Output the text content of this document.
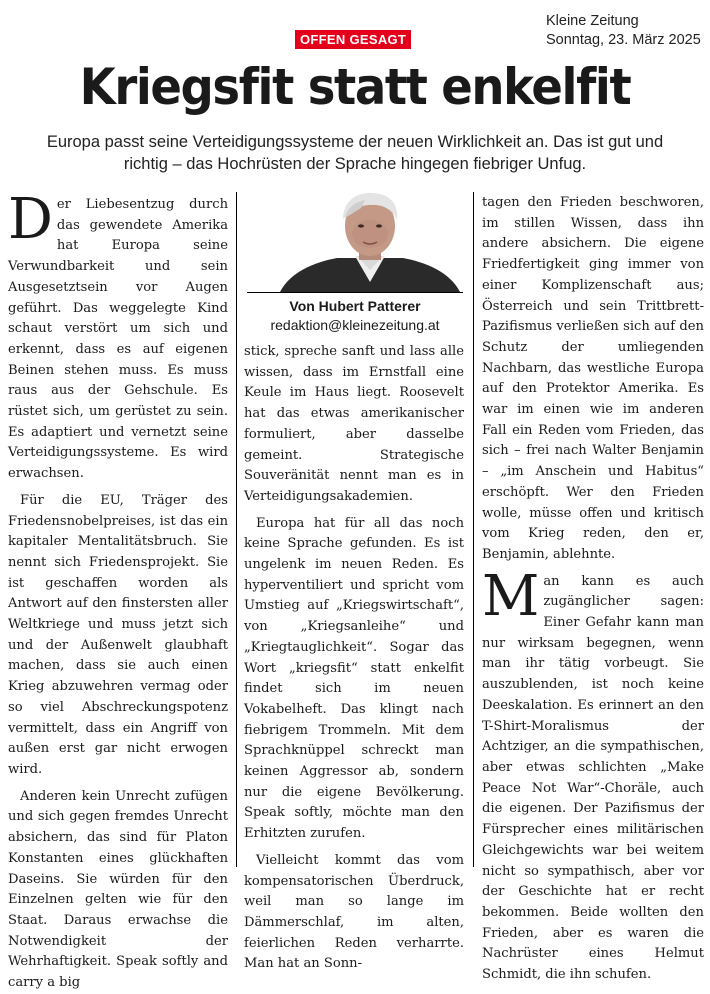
Kleine Zeitung
Sonntag, 23. März 2025
OFFEN GESAGT
Kriegsfit statt enkelfit
Europa passt seine Verteidigungssysteme der neuen Wirklichkeit an. Das ist gut und richtig – das Hochrüsten der Sprache hingegen fiebriger Unfug.

Der Liebesentzug durch das gewendete Amerika hat Europa seine Verwundbarkeit und sein Ausgesetztsein vor Augen geführt. Das weggelegte Kind schaut verstört um sich und erkennt, dass es auf eigenen Beinen stehen muss. Es muss raus aus der Gehschule. Es rüstet sich, um gerüstet zu sein. Es adaptiert und vernetzt seine Verteidigungssysteme. Es wird erwachsen.

Für die EU, Träger des Friedensnobelpreises, ist das ein kapitaler Mentalitätsbruch. Sie nennt sich Friedensprojekt. Sie ist geschaffen worden als Antwort auf den finstersten aller Weltkriege und muss jetzt sich und der Außenwelt glaubhaft machen, dass sie auch einen Krieg abzuwehren vermag oder so viel Abschreckungspotenz vermittelt, dass ein Angriff von außen erst gar nicht erwogen wird.

Anderen kein Unrecht zufügen und sich gegen fremdes Unrecht absichern, das sind für Platon Konstanten eines glückhaften Daseins. Sie würden für den Einzelnen gelten wie für den Staat. Daraus erwachse die Notwendigkeit der Wehrhaftigkeit. Speak softly and carry a big

Von Hubert Patterer
redaktion@kleinezeitung.at

stick, spreche sanft und lass alle wissen, dass im Ernstfall eine Keule im Haus liegt. Roosevelt hat das etwas amerikanischer formuliert, aber dasselbe gemeint. Strategische Souveränität nennt man es in Verteidigungsakademien.

Europa hat für all das noch keine Sprache gefunden. Es ist ungelenk im neuen Reden. Es hyperventiliert und spricht vom Umstieg auf „Kriegswirtschaft“, von „Kriegsanleihe“ und „Kriegtauglichkeit“. Sogar das Wort „kriegsfit“ statt enkelfit findet sich im neuen Vokabelheft. Das klingt nach fiebrigem Trommeln. Mit dem Sprachknüppel schreckt man keinen Aggressor ab, sondern nur die eigene Bevölkerung. Speak softly, möchte man den Erhitzten zurufen.

Vielleicht kommt das vom kompensatorischen Überdruck, weil man so lange im Dämmerschlaf, im alten, feierlichen Reden verharrte. Man hat an Sonn-

tagen den Frieden beschworen, im stillen Wissen, dass ihn andere absichern. Die eigene Friedfertigkeit ging immer von einer Komplizenschaft aus; Österreich und sein Trittbrett-Pazifismus verließen sich auf den Schutz der umliegenden Nachbarn, das westliche Europa auf den Protektor Amerika. Es war im einen wie im anderen Fall ein Reden vom Frieden, das sich – frei nach Walter Benjamin – „im Anschein und Habitus“ erschöpft. Wer den Frieden wolle, müsse offen und kritisch vom Krieg reden, den er, Benjamin, ablehnte.

Man kann es auch zugänglicher sagen: Einer Gefahr kann man nur wirksam begegnen, wenn man ihr tätig vorbeugt. Sie auszublenden, ist noch keine Deeskalation. Es erinnert an den T-Shirt-Moralismus der Achtziger, an die sympathischen, aber etwas schlichten „Make Peace Not War“-Choräle, auch die eigenen. Der Pazifismus der Fürsprecher eines militärischen Gleichgewichts war bei weitem nicht so sympathisch, aber vor der Geschichte hat er recht bekommen. Beide wollten den Frieden, aber es waren die Nachrüster eines Helmut Schmidt, die ihn schufen.
